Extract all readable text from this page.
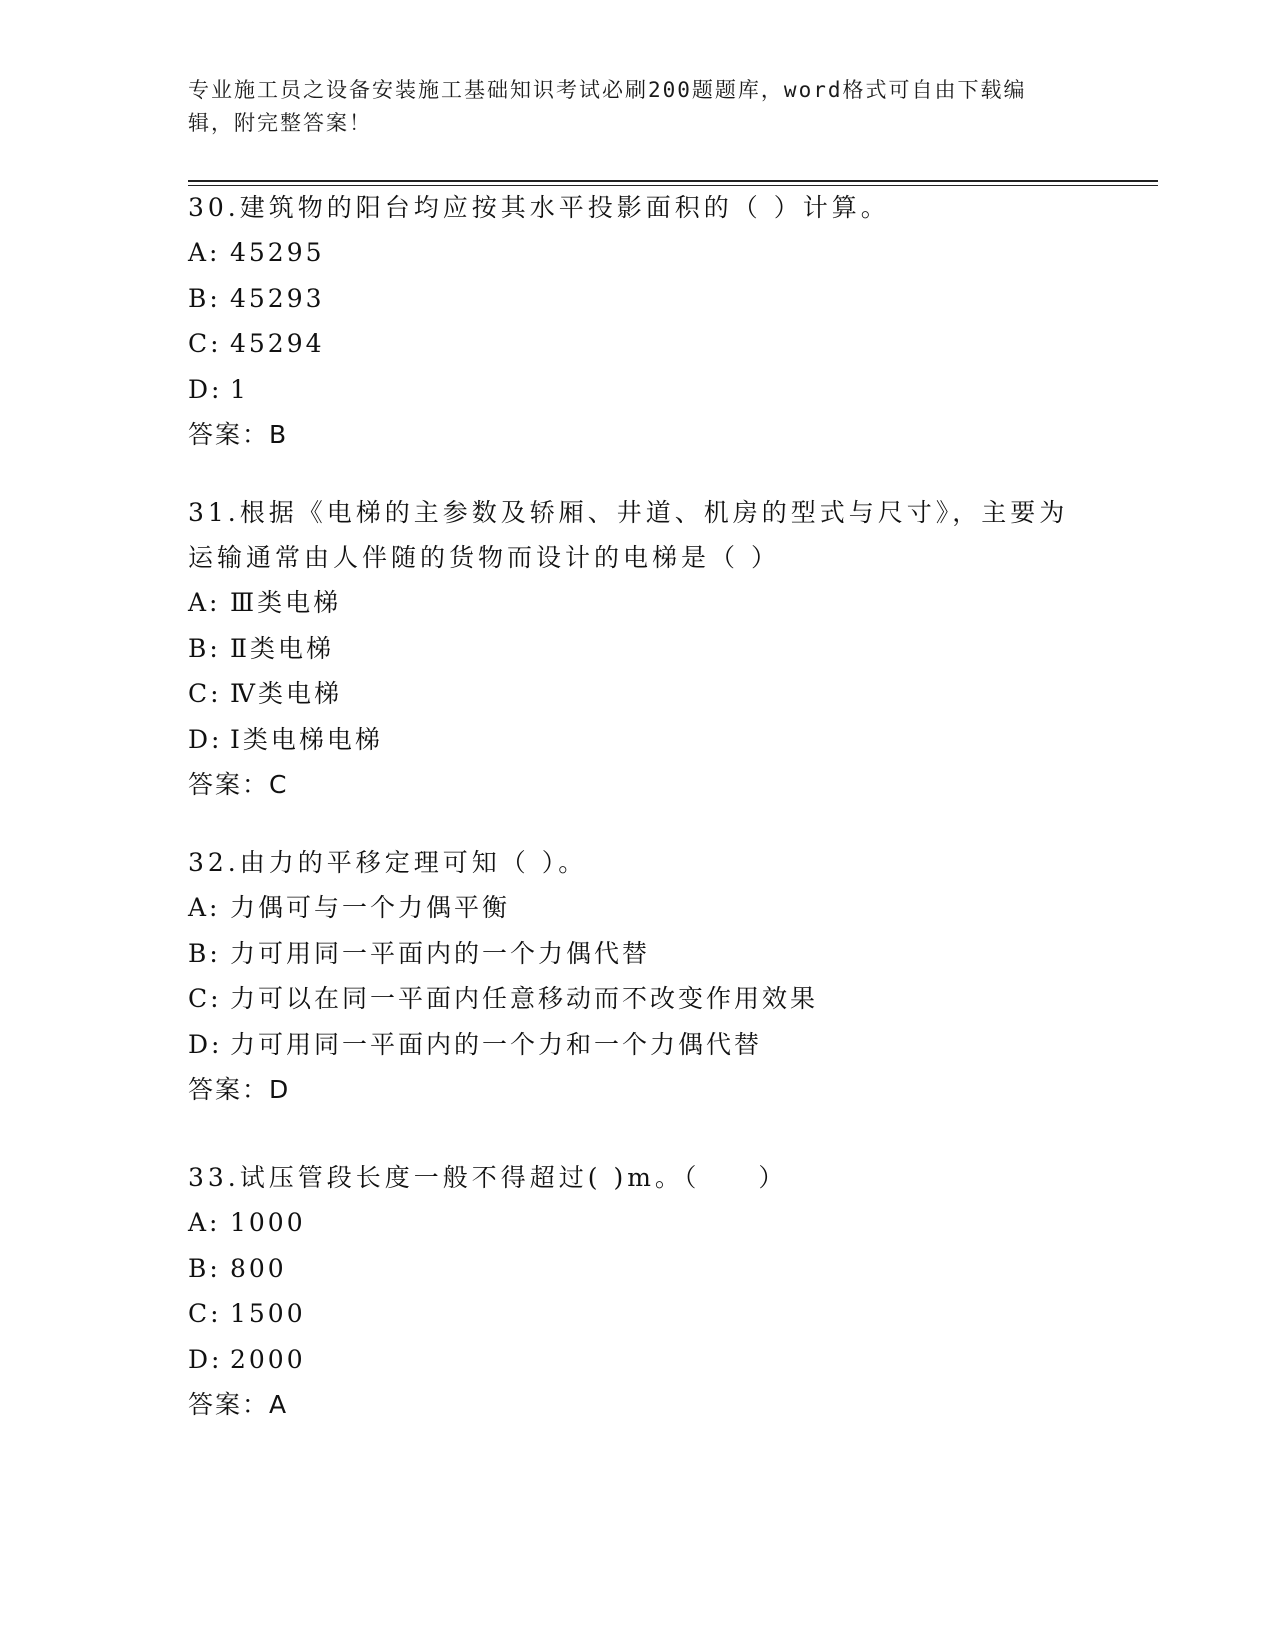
专业施工员之设备安装施工基础知识考试必刷200题题库，word格式可自由下载编辑，附完整答案！

30.建筑物的阳台均应按其水平投影面积的（ ）计算。

A: 45295

B: 45293

C: 45294

D: 1

答案：B

31.根据《电梯的主参数及轿厢、井道、机房的型式与尺寸》，主要为运输通常由人伴随的货物而设计的电梯是（ ）

A: Ⅲ类电梯

B: Ⅱ类电梯

C: Ⅳ类电梯

D: Ⅰ类电梯电梯

答案：C

32.由力的平移定理可知（ ）。

A: 力偶可与一个力偶平衡

B: 力可用同一平面内的一个力偶代替

C: 力可以在同一平面内任意移动而不改变作用效果

D: 力可用同一平面内的一个力和一个力偶代替

答案：D

33.试压管段长度一般不得超过( )m。（　　）

A: 1000

B: 800

C: 1500

D: 2000

答案：A
